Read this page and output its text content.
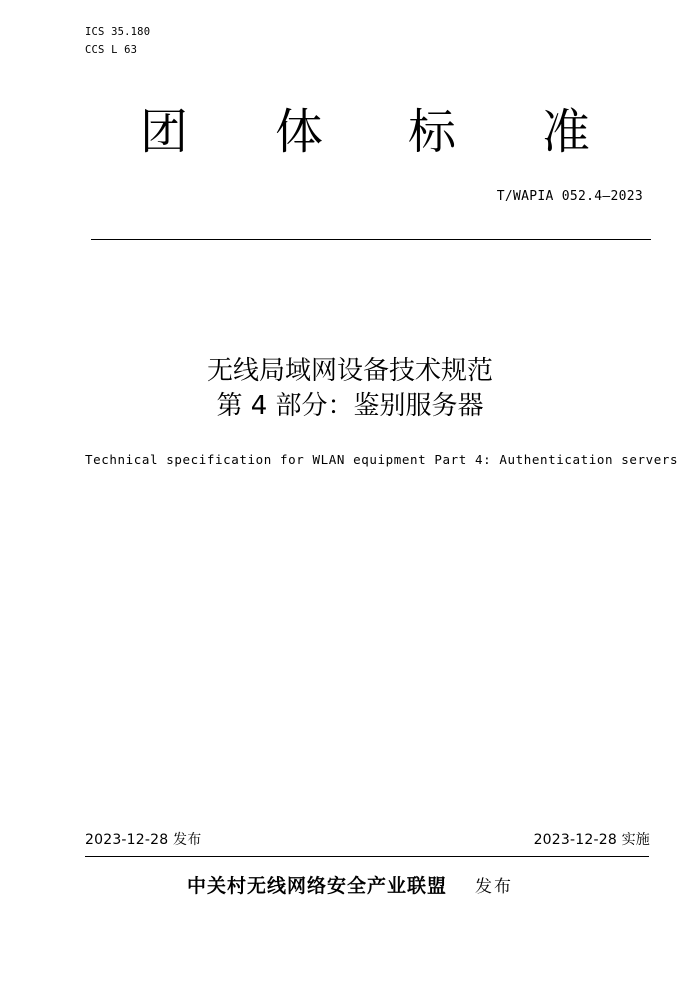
ICS 35.180
CCS L 63
团 体 标 准
T/WAPIA 052.4—2023
无线局域网设备技术规范
第 4 部分：鉴别服务器
Technical specification for WLAN equipment Part 4: Authentication servers
2023-12-28 发布	2023-12-28 实施
中关村无线网络安全产业联盟 发布
